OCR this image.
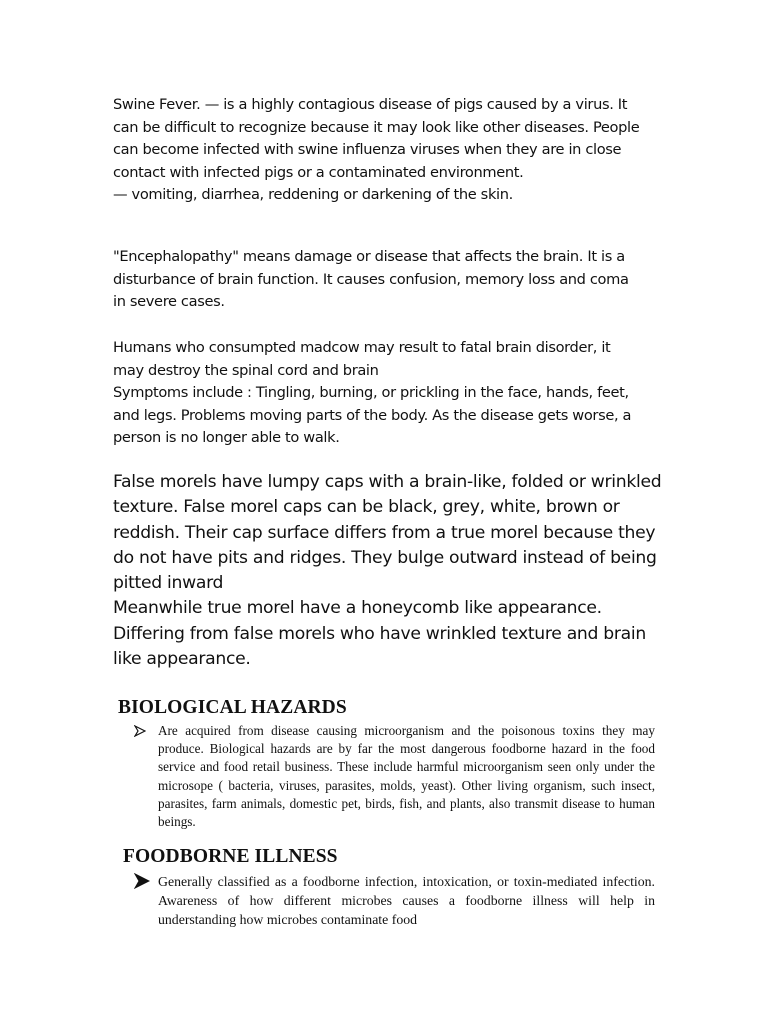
Swine Fever. — is a highly contagious disease of pigs caused by a virus. It
can be difficult to recognize because it may look like other diseases. People
can become infected with swine influenza viruses when they are in close
contact with infected pigs or a contaminated environment.
— vomiting, diarrhea, reddening or darkening of the skin.
"Encephalopathy" means damage or disease that affects the brain. It is a
disturbance of brain function. It causes confusion, memory loss and coma
in severe cases.
Humans who consumpted madcow may result to fatal brain disorder, it
may destroy the spinal cord and brain
Symptoms include : Tingling, burning, or prickling in the face, hands, feet,
and legs. Problems moving parts of the body. As the disease gets worse, a
person is no longer able to walk.
False morels have lumpy caps with a brain-like, folded or wrinkled
texture. False morel caps can be black, grey, white, brown or
reddish. Their cap surface differs from a true morel because they
do not have pits and ridges. They bulge outward instead of being
pitted inward
Meanwhile true morel have a honeycomb like appearance.
Differing from false morels who have wrinkled texture and brain
like appearance.
BIOLOGICAL HAZARDS
Are acquired from disease causing microorganism and the poisonous toxins they may produce. Biological hazards are by far the most dangerous foodborne hazard in the food service and food retail business. These include harmful microorganism seen only under the microsope ( bacteria, viruses, parasites, molds, yeast). Other living organism, such insect, parasites, farm animals, domestic pet, birds, fish, and plants, also transmit disease to human beings.
FOODBORNE ILLNESS
Generally classified as a foodborne infection, intoxication, or toxin-mediated infection. Awareness of how different microbes causes a foodborne illness will help in understanding how microbes contaminate food
